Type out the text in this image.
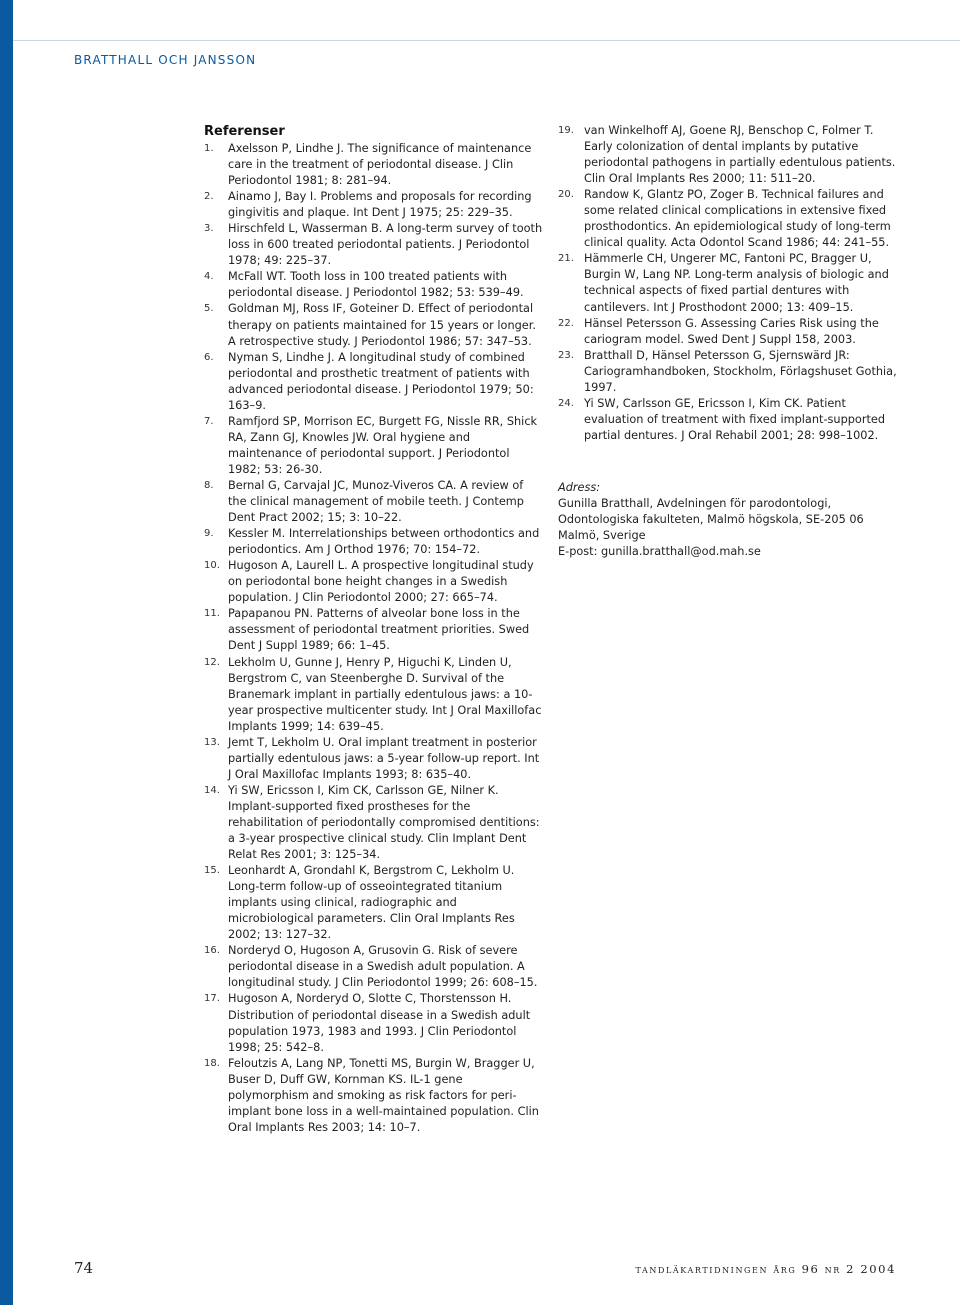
BRATTHALL OCH JANSSON
Referenser
1.	Axelsson P, Lindhe J. The significance of maintenance care in the treatment of periodontal disease. J Clin Periodontol 1981; 8: 281–94.
2.	Ainamo J, Bay I. Problems and proposals for recording gingivitis and plaque. Int Dent J 1975; 25: 229–35.
3.	Hirschfeld L, Wasserman B. A long-term survey of tooth loss in 600 treated periodontal patients. J Periodontol 1978; 49: 225–37.
4.	McFall WT. Tooth loss in 100 treated patients with periodontal disease. J Periodontol 1982; 53: 539–49.
5.	Goldman MJ, Ross IF, Goteiner D. Effect of periodontal therapy on patients maintained for 15 years or longer. A retrospective study. J Periodontol 1986; 57: 347–53.
6.	Nyman S, Lindhe J. A longitudinal study of combined periodontal and prosthetic treatment of patients with advanced periodontal disease. J Periodontol 1979; 50: 163–9.
7.	Ramfjord SP, Morrison EC, Burgett FG, Nissle RR, Shick RA, Zann GJ, Knowles JW. Oral hygiene and maintenance of periodontal support. J Periodontol 1982; 53: 26-30.
8.	Bernal G, Carvajal JC, Munoz-Viveros CA. A review of the clinical management of mobile teeth. J Contemp Dent Pract 2002; 15; 3: 10–22.
9.	Kessler M. Interrelationships between orthodontics and periodontics. Am J Orthod 1976; 70: 154–72.
10. Hugoson A, Laurell L. A prospective longitudinal study on periodontal bone height changes in a Swedish population. J Clin Periodontol 2000; 27: 665–74.
11. Papapanou PN. Patterns of alveolar bone loss in the assessment of periodontal treatment priorities. Swed Dent J Suppl 1989; 66: 1–45.
12. Lekholm U, Gunne J, Henry P, Higuchi K, Linden U, Bergstrom C, van Steenberghe D. Survival of the Branemark implant in partially edentulous jaws: a 10-year prospective multicenter study. Int J Oral Maxillofac Implants 1999; 14: 639–45.
13. Jemt T, Lekholm U. Oral implant treatment in posterior partially edentulous jaws: a 5-year follow-up report. Int J Oral Maxillofac Implants 1993; 8: 635–40.
14. Yi SW, Ericsson I, Kim CK, Carlsson GE, Nilner K. Implant-supported fixed prostheses for the rehabilitation of periodontally compromised dentitions: a 3-year prospective clinical study. Clin Implant Dent Relat Res 2001; 3: 125–34.
15. Leonhardt A, Grondahl K, Bergstrom C, Lekholm U. Long-term follow-up of osseointegrated titanium implants using clinical, radiographic and microbiological parameters. Clin Oral Implants Res 2002; 13: 127–32.
16. Norderyd O, Hugoson A, Grusovin G. Risk of severe periodontal disease in a Swedish adult population. A longitudinal study. J Clin Periodontol 1999; 26: 608–15.
17. Hugoson A, Norderyd O, Slotte C, Thorstensson H. Distribution of periodontal disease in a Swedish adult population 1973, 1983 and 1993. J Clin Periodontol 1998; 25: 542–8.
18. Feloutzis A, Lang NP, Tonetti MS, Burgin W, Bragger U, Buser D, Duff GW, Kornman KS. IL-1 gene polymorphism and smoking as risk factors for peri-implant bone loss in a well-maintained population. Clin Oral Implants Res 2003; 14: 10–7.
19. van Winkelhoff AJ, Goene RJ, Benschop C, Folmer T. Early colonization of dental implants by putative periodontal pathogens in partially edentulous patients. Clin Oral Implants Res 2000; 11: 511–20.
20. Randow K, Glantz PO, Zoger B. Technical failures and some related clinical complications in extensive fixed prosthodontics. An epidemiological study of long-term clinical quality. Acta Odontol Scand 1986; 44: 241–55.
21. Hämmerle CH, Ungerer MC, Fantoni PC, Bragger U, Burgin W, Lang NP. Long-term analysis of biologic and technical aspects of fixed partial dentures with cantilevers. Int J Prosthodont 2000; 13: 409–15.
22. Hänsel Petersson G. Assessing Caries Risk using the cariogram model. Swed Dent J Suppl 158, 2003.
23. Bratthall D, Hänsel Petersson G, Sjernswärd JR: Cariogramhandboken, Stockholm, Förlagshuset Gothia, 1997.
24. Yi SW, Carlsson GE, Ericsson I, Kim CK. Patient evaluation of treatment with fixed implant-supported partial dentures. J Oral Rehabil 2001; 28: 998–1002.
Adress:
Gunilla Bratthall, Avdelningen för parodontologi,
Odontologiska fakulteten, Malmö högskola, SE-205 06
Malmö, Sverige
E-post: gunilla.bratthall@od.mah.se
74	tandläkartidningen årg 96 nr 2 2004
